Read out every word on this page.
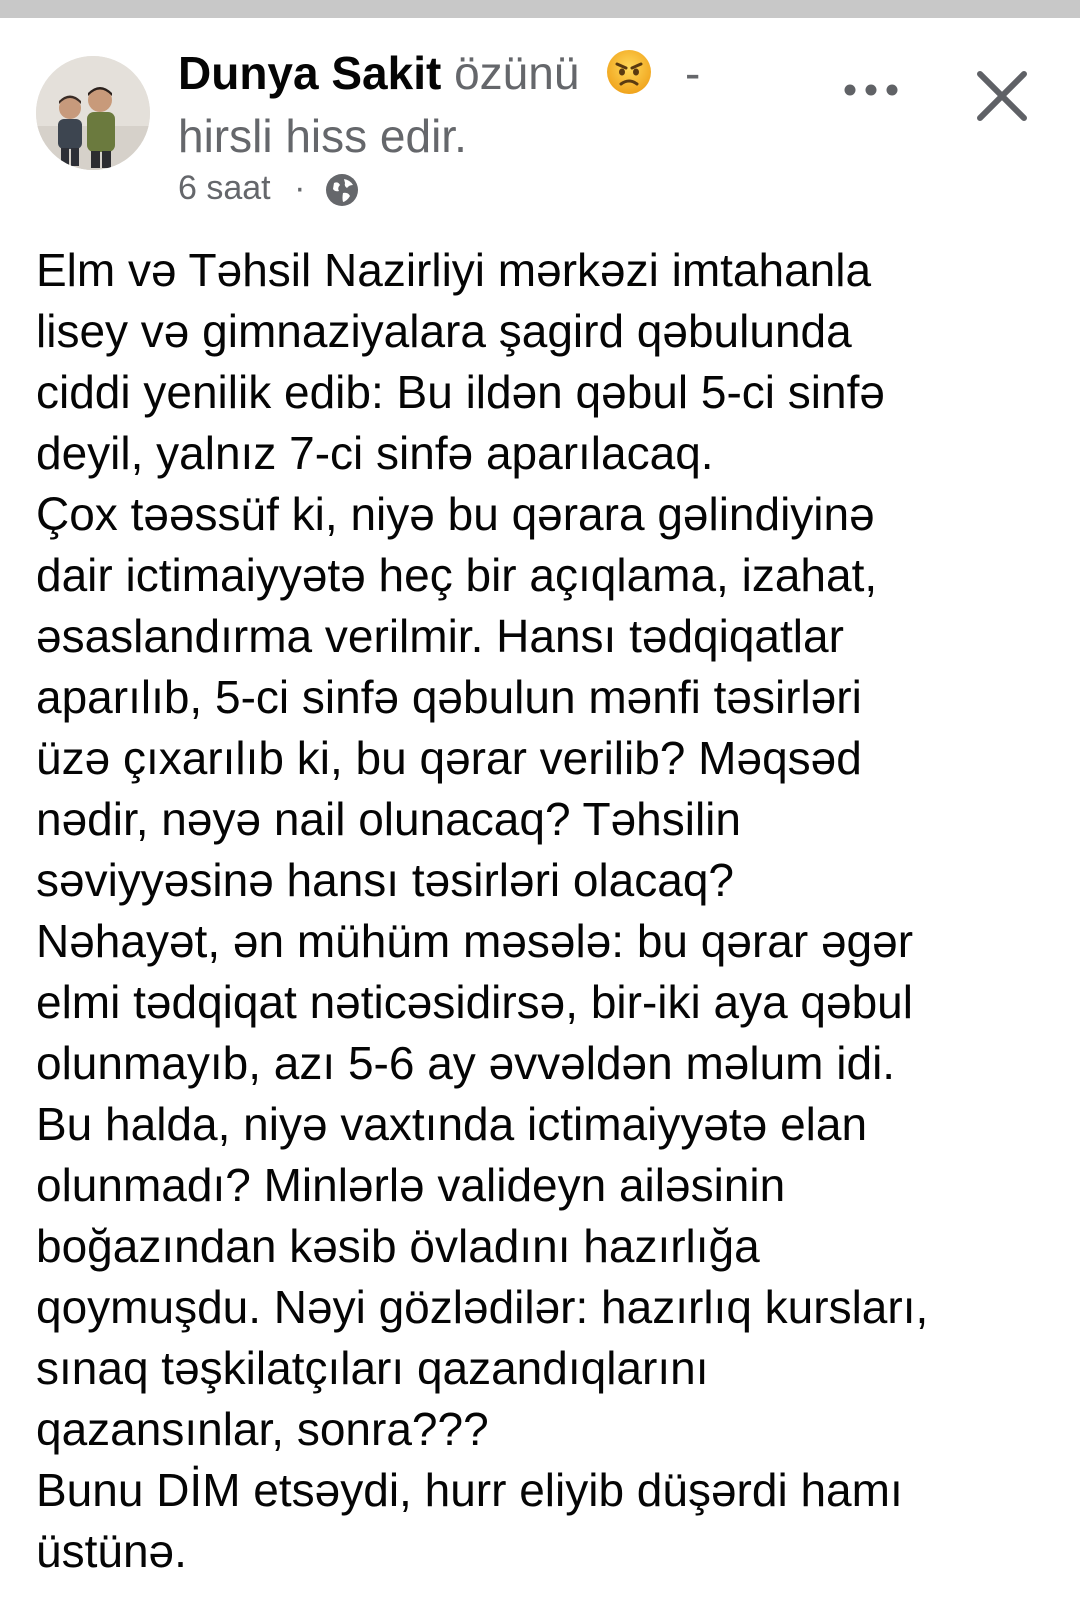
Dunya Sakit özünü -
hirsli hiss edir.
6 saat ·
Elm və Təhsil Nazirliyi mərkəzi imtahanla
lisey və gimnaziyalara şagird qəbulunda
ciddi yenilik edib: Bu ildən qəbul 5-ci sinfə
deyil, yalnız 7-ci sinfə aparılacaq.
Çox təəssüf ki, niyə bu qərara gəlindiyinə
dair ictimaiyyətə heç bir açıqlama, izahat,
əsaslandırma verilmir. Hansı tədqiqatlar
aparılıb, 5-ci sinfə qəbulun mənfi təsirləri
üzə çıxarılıb ki, bu qərar verilib? Məqsəd
nədir, nəyə nail olunacaq? Təhsilin
səviyyəsinə hansı təsirləri olacaq?
Nəhayət, ən mühüm məsələ: bu qərar əgər
elmi tədqiqat nəticəsidirsə, bir-iki aya qəbul
olunmayıb, azı 5-6 ay əvvəldən məlum idi.
Bu halda, niyə vaxtında ictimaiyyətə elan
olunmadı? Minlərlə valideyn ailəsinin
boğazından kəsib övladını hazırlığa
qoymuşdu. Nəyi gözlədilər: hazırlıq kursları,
sınaq təşkilatçıları qazandıqlarını
qazansınlar, sonra???
Bunu DİM etsəydi, hurr eliyib düşərdi hamı
üstünə.
